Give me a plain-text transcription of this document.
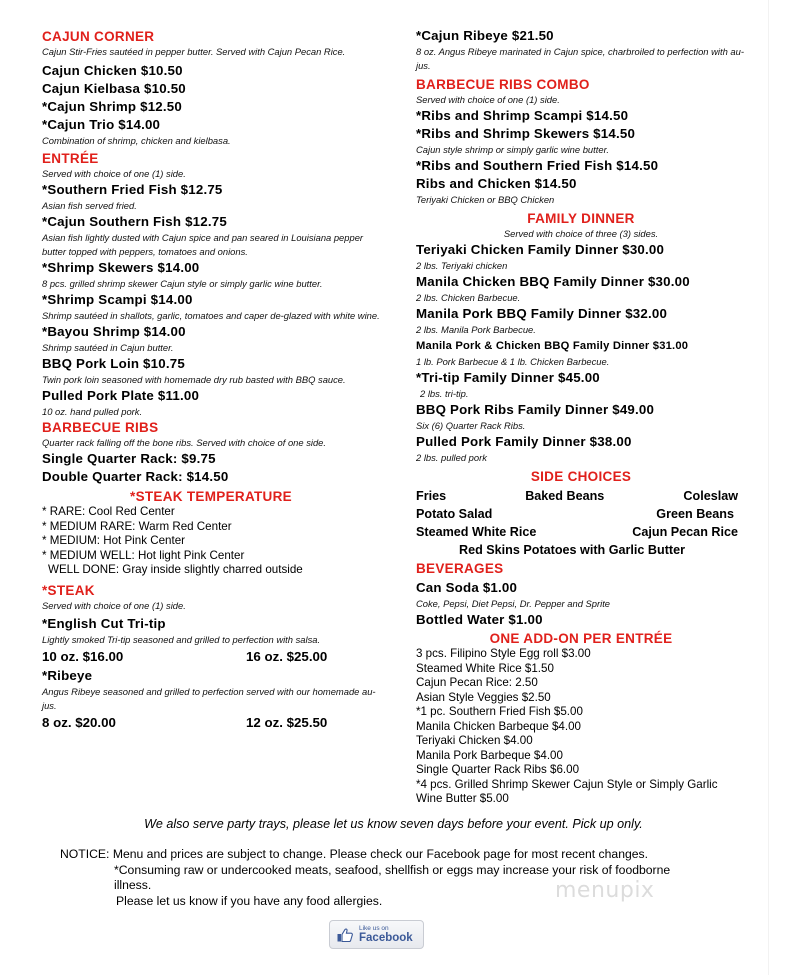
CAJUN CORNER
Cajun Stir-Fries sautéed in pepper butter. Served with Cajun Pecan Rice.
Cajun Chicken $10.50
Cajun Kielbasa $10.50
*Cajun Shrimp $12.50
*Cajun Trio $14.00
Combination of shrimp, chicken and kielbasa.
ENTRÉE
Served with choice of one (1) side.
*Southern Fried Fish $12.75
Asian fish served fried.
*Cajun Southern Fish $12.75
Asian fish lightly dusted with Cajun spice and pan seared in Louisiana pepper butter topped with peppers, tomatoes and onions.
*Shrimp Skewers $14.00
8 pcs. grilled shrimp skewer Cajun style or simply garlic wine butter.
*Shrimp Scampi $14.00
Shrimp sautéed in shallots, garlic, tomatoes and caper de-glazed with white wine.
*Bayou Shrimp $14.00
Shrimp sautéed in Cajun butter.
BBQ Pork Loin $10.75
Twin pork loin seasoned with homemade dry rub basted with BBQ sauce.
Pulled Pork Plate $11.00
10 oz. hand pulled pork.
BARBECUE RIBS
Quarter rack falling off the bone ribs. Served with choice of one side.
Single Quarter Rack: $9.75
Double Quarter Rack: $14.50
*STEAK TEMPERATURE
* RARE: Cool Red Center
* MEDIUM RARE: Warm Red Center
* MEDIUM: Hot Pink Center
* MEDIUM WELL: Hot light Pink Center
WELL DONE: Gray inside slightly charred outside
*STEAK
Served with choice of one (1) side.
*English Cut Tri-tip
Lightly smoked Tri-tip seasoned and grilled to perfection with salsa.
10 oz. $16.00	16 oz. $25.00
*Ribeye
Angus Ribeye seasoned and grilled to perfection served with our homemade au-jus.
8 oz. $20.00	12 oz. $25.50
*Cajun Ribeye $21.50
8 oz. Angus Ribeye marinated in Cajun spice, charbroiled to perfection with au-jus.
BARBECUE RIBS COMBO
Served with choice of one (1) side.
*Ribs and Shrimp Scampi $14.50
*Ribs and Shrimp Skewers $14.50
Cajun style shrimp or simply garlic wine butter.
*Ribs and Southern Fried Fish $14.50
Ribs and Chicken $14.50
Teriyaki Chicken or BBQ Chicken
FAMILY DINNER
Served with choice of three (3) sides.
Teriyaki Chicken Family Dinner $30.00
2 lbs. Teriyaki chicken
Manila Chicken BBQ Family Dinner $30.00
2 lbs. Chicken Barbecue.
Manila Pork BBQ Family Dinner $32.00
2 lbs. Manila Pork Barbecue.
Manila Pork & Chicken BBQ Family Dinner $31.00
1 lb. Pork Barbecue & 1 lb. Chicken Barbecue.
*Tri-tip Family Dinner $45.00
2 lbs. tri-tip.
BBQ Pork Ribs Family Dinner $49.00
Six (6) Quarter Rack Ribs.
Pulled Pork Family Dinner $38.00
2 lbs. pulled pork
SIDE CHOICES
Fries	Baked Beans	Coleslaw
Potato Salad	Green Beans
Steamed White Rice	Cajun Pecan Rice
Red Skins Potatoes with Garlic Butter
BEVERAGES
Can Soda $1.00
Coke, Pepsi, Diet Pepsi, Dr. Pepper and Sprite
Bottled Water $1.00
ONE ADD-ON PER ENTRÉE
3 pcs. Filipino Style Egg roll $3.00
Steamed White Rice $1.50
Cajun Pecan Rice: 2.50
Asian Style Veggies $2.50
*1 pc. Southern Fried Fish $5.00
Manila Chicken Barbeque $4.00
Teriyaki Chicken $4.00
Manila Pork Barbeque $4.00
Single Quarter Rack Ribs $6.00
*4 pcs. Grilled Shrimp Skewer Cajun Style or Simply Garlic Wine Butter $5.00
We also serve party trays, please let us know seven days before your event. Pick up only.
NOTICE: Menu and prices are subject to change. Please check our Facebook page for most recent changes.
*Consuming raw or undercooked meats, seafood, shellfish or eggs may increase your risk of foodborne illness.
Please let us know if you have any food allergies.	menupix
Like us on
Facebook
